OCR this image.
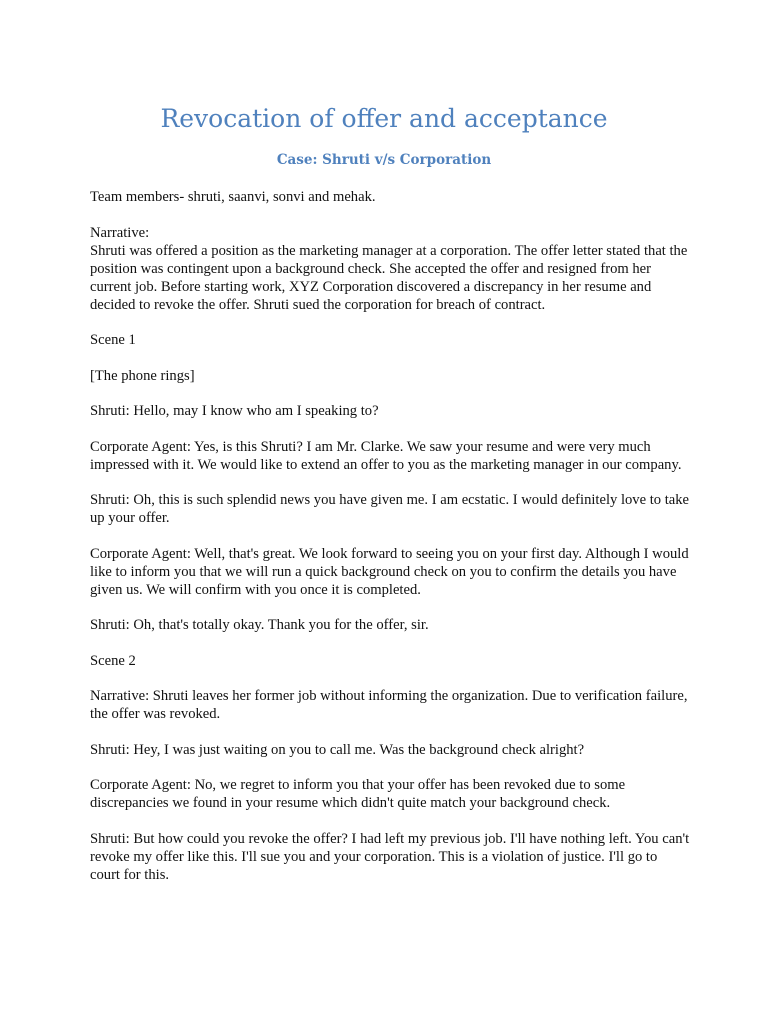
Revocation of offer and acceptance
Case: Shruti v/s Corporation

Team members- shruti, saanvi, sonvi and mehak.

Narrative:
Shruti was offered a position as the marketing manager at a corporation. The offer letter stated that the position was contingent upon a background check. She accepted the offer and resigned from her current job. Before starting work, XYZ Corporation discovered a discrepancy in her resume and decided to revoke the offer. Shruti sued the corporation for breach of contract.

Scene 1

[The phone rings]

Shruti: Hello, may I know who am I speaking to?

Corporate Agent: Yes, is this Shruti? I am Mr. Clarke. We saw your resume and were very much impressed with it. We would like to extend an offer to you as the marketing manager in our company.

Shruti: Oh, this is such splendid news you have given me. I am ecstatic. I would definitely love to take up your offer.

Corporate Agent: Well, that's great. We look forward to seeing you on your first day. Although I would like to inform you that we will run a quick background check on you to confirm the details you have given us. We will confirm with you once it is completed.

Shruti: Oh, that's totally okay. Thank you for the offer, sir.

Scene 2

Narrative: Shruti leaves her former job without informing the organization. Due to verification failure, the offer was revoked.

Shruti: Hey, I was just waiting on you to call me. Was the background check alright?

Corporate Agent: No, we regret to inform you that your offer has been revoked due to some discrepancies we found in your resume which didn't quite match your background check.

Shruti: But how could you revoke the offer? I had left my previous job. I'll have nothing left. You can't revoke my offer like this. I'll sue you and your corporation. This is a violation of justice. I'll go to court for this.
